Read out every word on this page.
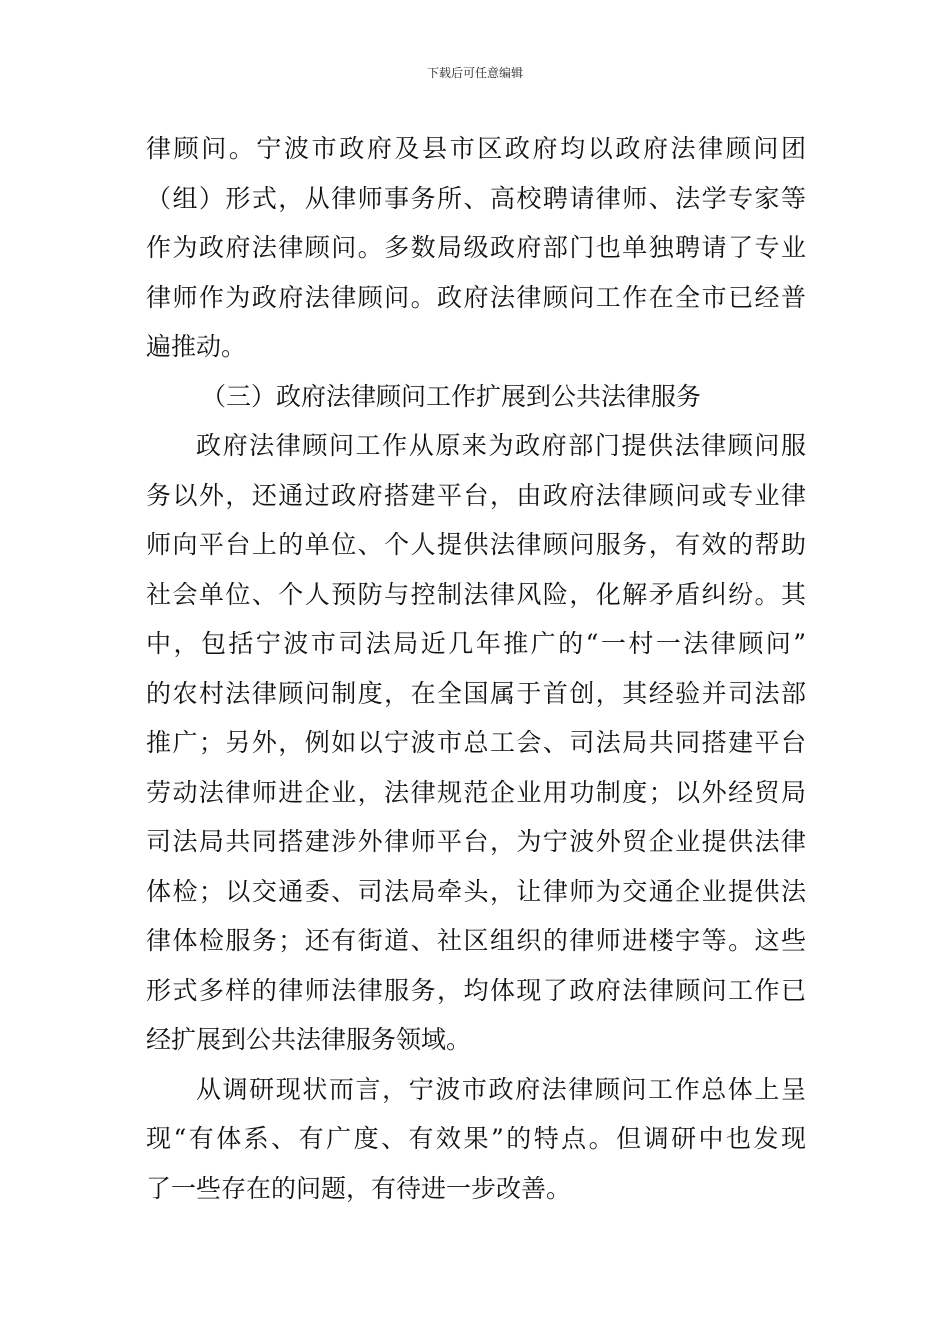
下载后可任意编辑
律顾问。宁波市政府及县市区政府均以政府法律顾问团
（组）形式，从律师事务所、高校聘请律师、法学专家等
作为政府法律顾问。多数局级政府部门也单独聘请了专业
律师作为政府法律顾问。政府法律顾问工作在全市已经普
遍推动。
（三）政府法律顾问工作扩展到公共法律服务
政府法律顾问工作从原来为政府部门提供法律顾问服
务以外，还通过政府搭建平台，由政府法律顾问或专业律
师向平台上的单位、个人提供法律顾问服务，有效的帮助
社会单位、个人预防与控制法律风险，化解矛盾纠纷。其
中，包括宁波市司法局近几年推广的“一村一法律顾问”
的农村法律顾问制度，在全国属于首创，其经验并司法部
推广；另外，例如以宁波市总工会、司法局共同搭建平台
劳动法律师进企业，法律规范企业用功制度；以外经贸局
司法局共同搭建涉外律师平台，为宁波外贸企业提供法律
体检；以交通委、司法局牵头，让律师为交通企业提供法
律体检服务；还有街道、社区组织的律师进楼宇等。这些
形式多样的律师法律服务，均体现了政府法律顾问工作已
经扩展到公共法律服务领域。
从调研现状而言，宁波市政府法律顾问工作总体上呈
现“有体系、有广度、有效果”的特点。但调研中也发现
了一些存在的问题，有待进一步改善。
